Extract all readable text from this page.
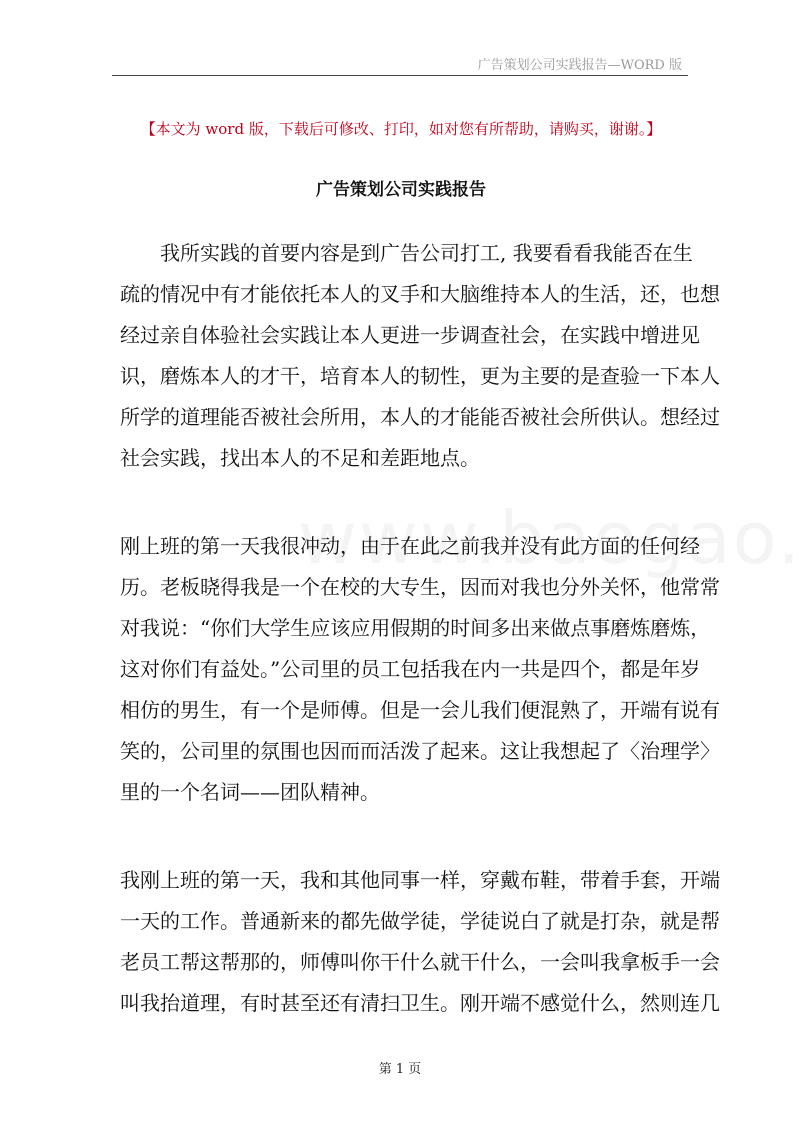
广告策划公司实践报告—WORD 版
【本文为 word 版，下载后可修改、打印，如对您有所帮助，请购买，谢谢。】
广告策划公司实践报告
我所实践的首要内容是到广告公司打工, 我要看看我能否在生
疏的情况中有才能依托本人的叉手和大脑维持本人的生活，还，也想
经过亲自体验社会实践让本人更进一步调查社会，在实践中增进见
识，磨炼本人的才干，培育本人的韧性，更为主要的是查验一下本人
所学的道理能否被社会所用，本人的才能能否被社会所供认。想经过
社会实践，找出本人的不足和差距地点。
刚上班的第一天我很冲动，由于在此之前我并没有此方面的任何经
历。老板晓得我是一个在校的大专生，因而对我也分外关怀，他常常
对我说：“你们大学生应该应用假期的时间多出来做点事磨炼磨炼，
这对你们有益处。”公司里的员工包括我在内一共是四个，都是年岁
相仿的男生，有一个是师傅。但是一会儿我们便混熟了，开端有说有
笑的，公司里的氛围也因而而活泼了起来。这让我想起了〈治理学〉
里的一个名词——团队精神。
我刚上班的第一天，我和其他同事一样，穿戴布鞋，带着手套，开端
一天的工作。普通新来的都先做学徒，学徒说白了就是打杂，就是帮
老员工帮这帮那的，师傅叫你干什么就干什么，一会叫我拿板手一会
叫我抬道理，有时甚至还有清扫卫生。刚开端不感觉什么，然则连几
第 1 页
